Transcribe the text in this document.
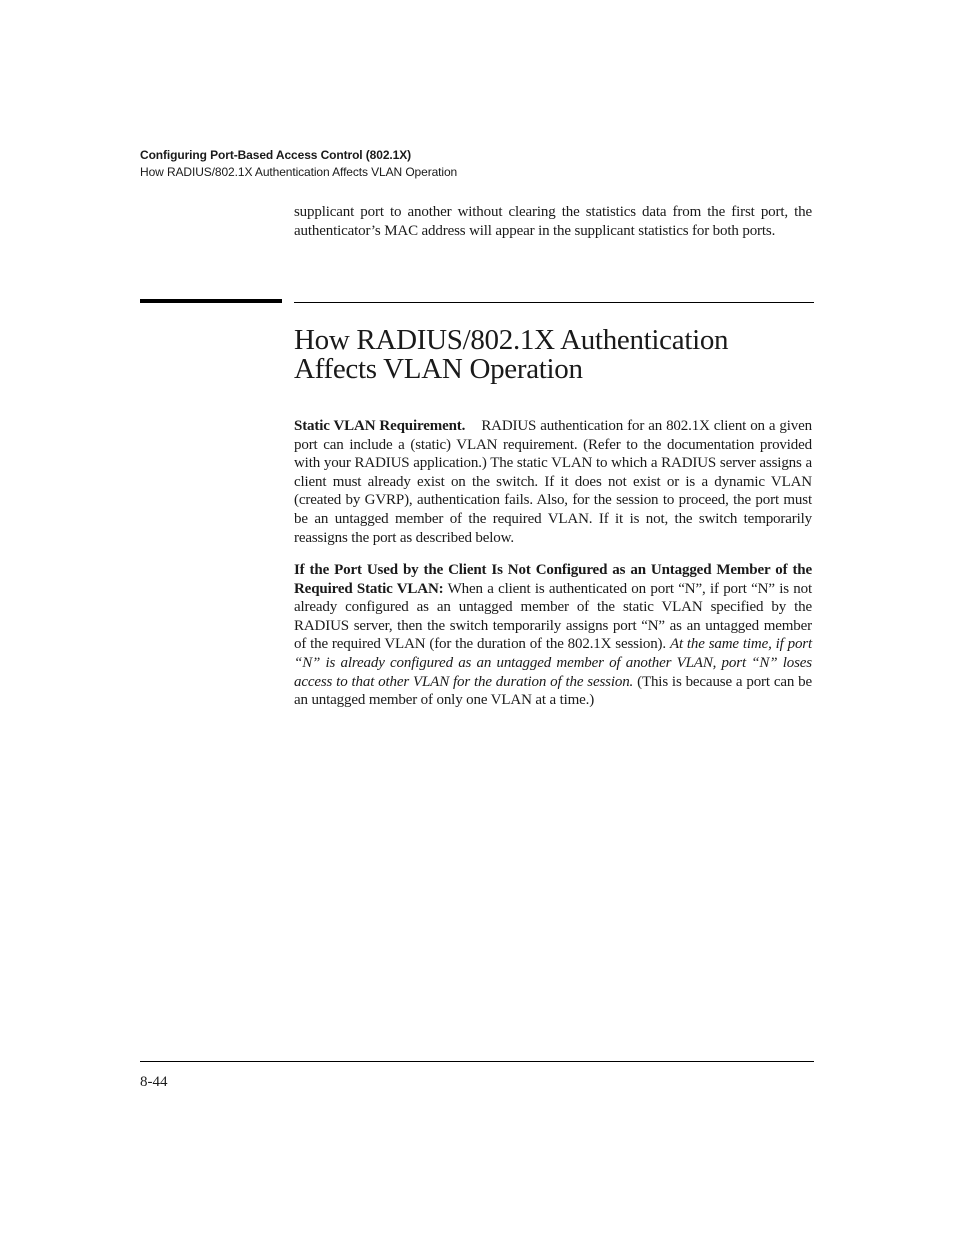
Configuring Port-Based Access Control (802.1X)
How RADIUS/802.1X Authentication Affects VLAN Operation

supplicant port to another without clearing the statistics data from the first port, the authenticator’s MAC address will appear in the supplicant statistics for both ports.

How RADIUS/802.1X Authentication
Affects VLAN Operation

Static VLAN Requirement. RADIUS authentication for an 802.1X client on a given port can include a (static) VLAN requirement. (Refer to the documentation provided with your RADIUS application.) The static VLAN to which a RADIUS server assigns a client must already exist on the switch. If it does not exist or is a dynamic VLAN (created by GVRP), authentication fails. Also, for the session to proceed, the port must be an untagged member of the required VLAN. If it is not, the switch temporarily reassigns the port as described below.

If the Port Used by the Client Is Not Configured as an Untagged Member of the Required Static VLAN: When a client is authenticated on port “N”, if port “N” is not already configured as an untagged member of the static VLAN specified by the RADIUS server, then the switch temporarily assigns port “N” as an untagged member of the required VLAN (for the duration of the 802.1X session). At the same time, if port “N” is already configured as an untagged member of another VLAN, port “N” loses access to that other VLAN for the duration of the session. (This is because a port can be an untagged member of only one VLAN at a time.)

8-44
